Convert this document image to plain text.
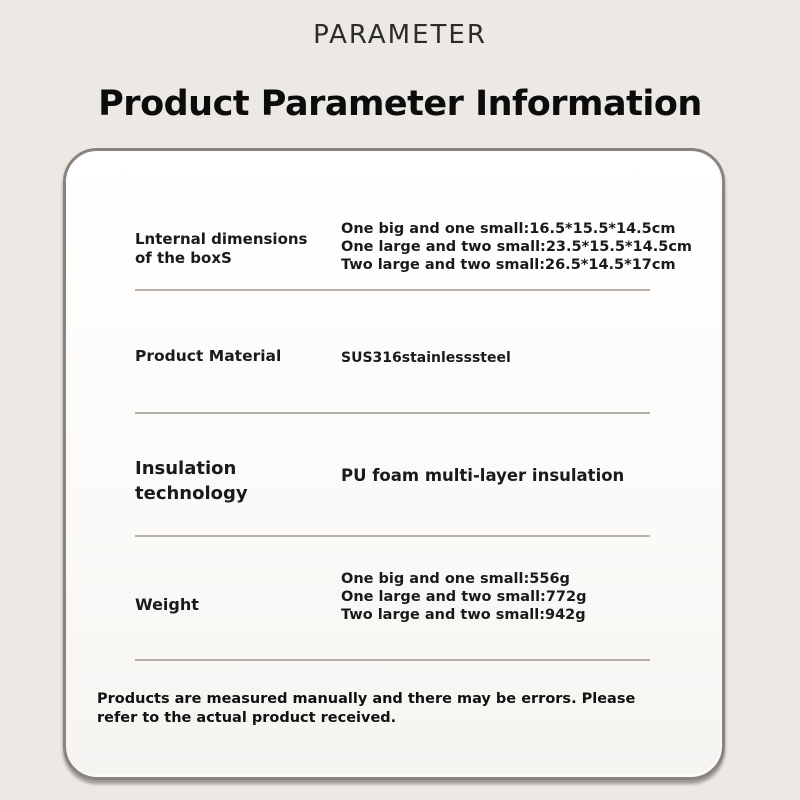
PARAMETER
Product Parameter Information
Lnternal dimensions of the boxS
One big and one small:16.5*15.5*14.5cm
One large and two small:23.5*15.5*14.5cm
Two large and two small:26.5*14.5*17cm
Product Material	SUS316stainlesssteel
Insulation technology
PU foam multi-layer insulation
Weight
One big and one small:556g
One large and two small:772g
Two large and two small:942g
Products are measured manually and there may be errors. Please refer to the actual product received.
